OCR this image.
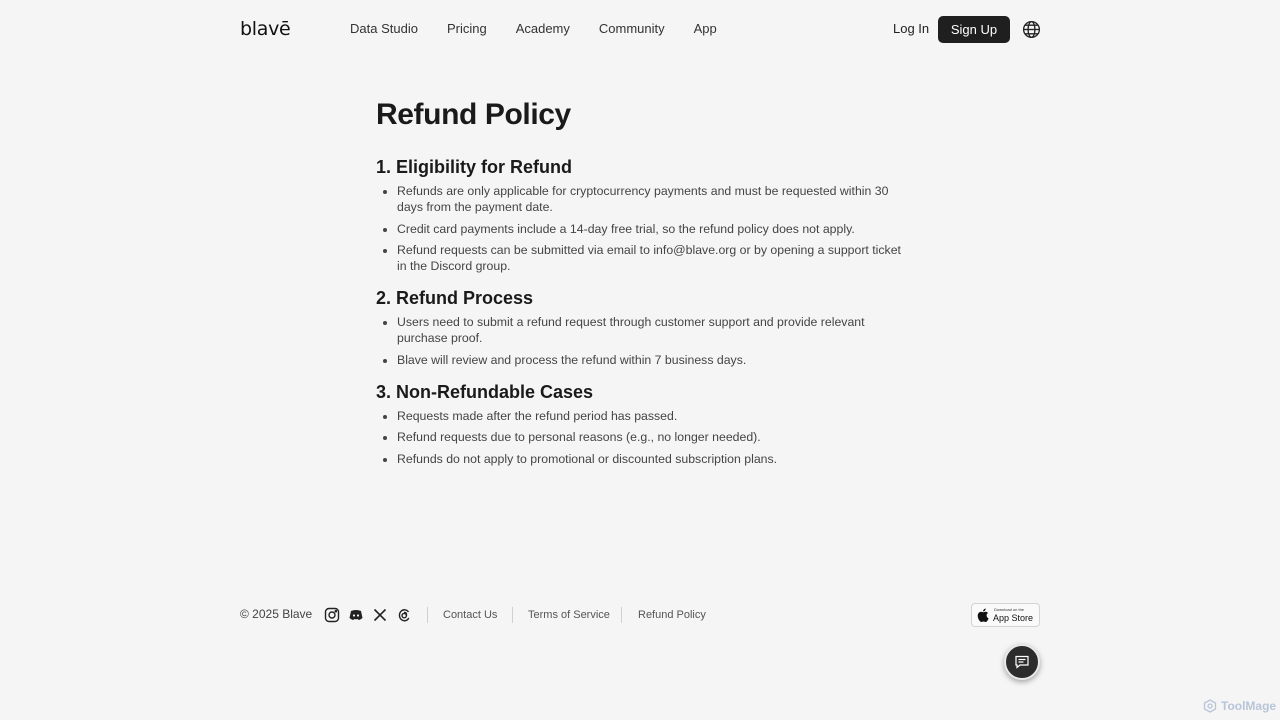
blavē	Data Studio Pricing Academy Community App	Log In	Sign Up
Refund Policy
1. Eligibility for Refund
• Refunds are only applicable for cryptocurrency payments and must be requested within 30 days from the payment date.
• Credit card payments include a 14-day free trial, so the refund policy does not apply.
• Refund requests can be submitted via email to info@blave.org or by opening a support ticket in the Discord group.
2. Refund Process
• Users need to submit a refund request through customer support and provide relevant purchase proof.
• Blave will review and process the refund within 7 business days.
3. Non-Refundable Cases
• Requests made after the refund period has passed.
• Refund requests due to personal reasons (e.g., no longer needed).
• Refunds do not apply to promotional or discounted subscription plans.
© 2025 Blave	Contact Us	Terms of Service	Refund Policy	Download on the
App Store
ToolMage
